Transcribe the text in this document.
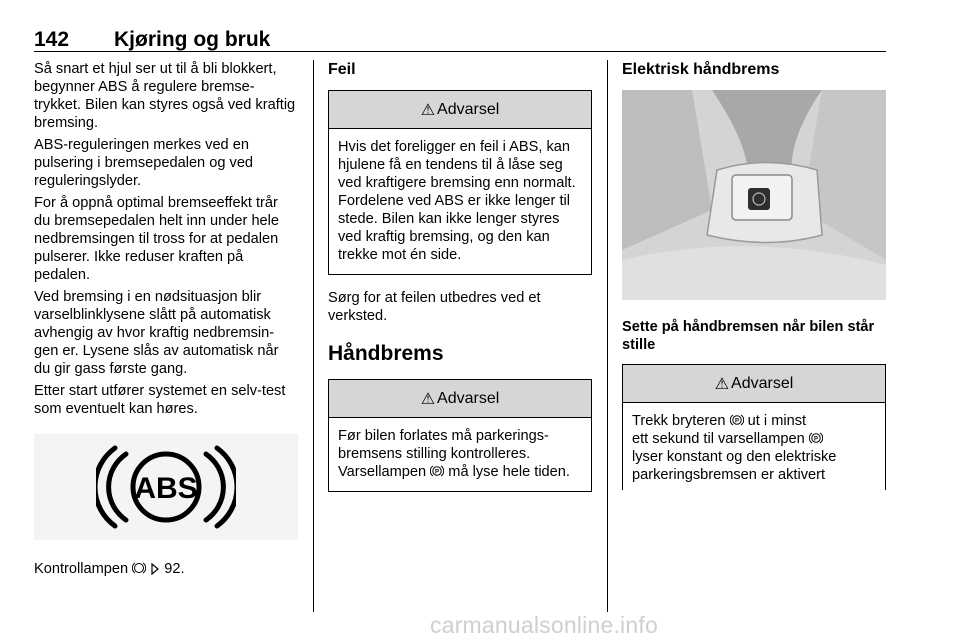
142	Kjøring og bruk

Så snart et hjul ser ut til å bli blokkert, begynner ABS å regulere bremse-trykket. Bilen kan styres også ved kraftig bremsing.

ABS-reguleringen merkes ved en pulsering i bremsepedalen og ved reguleringslyder.

For å oppnå optimal bremseeffekt trår du bremsepedalen helt inn under hele nedbremsingen til tross for at pedalen pulserer. Ikke reduser kraften på pedalen.

Ved bremsing i en nødsituasjon blir varselblinklysene slått på automatisk avhengig av hvor kraftig nedbremsin-gen er. Lysene slås av automatisk når du gir gass første gang.

Etter start utfører systemet en selv-test som eventuelt kan høres.

ABS

Kontrollampen 92.

Feil
⚠ Advarsel

Hvis det foreligger en feil i ABS, kan hjulene få en tendens til å låse seg ved kraftigere bremsing enn normalt. Fordelene ved ABS er ikke lenger til stede. Bilen kan ikke lenger styres ved kraftig bremsing, og den kan trekke mot én side.

Sørg for at feilen utbedres ved et verksted.

Håndbrems
⚠ Advarsel

Før bilen forlates må parkerings-bremsens stilling kontrolleres. Varsellampen P må lyse hele tiden.

Elektrisk håndbrems

Sette på håndbremsen når bilen står stille

⚠ Advarsel
Trekk bryteren P ut i minst
ett sekund til varsellampen P
lyser konstant og den elektriske
parkeringsbremsen er aktivert
carmanualsonline.info
